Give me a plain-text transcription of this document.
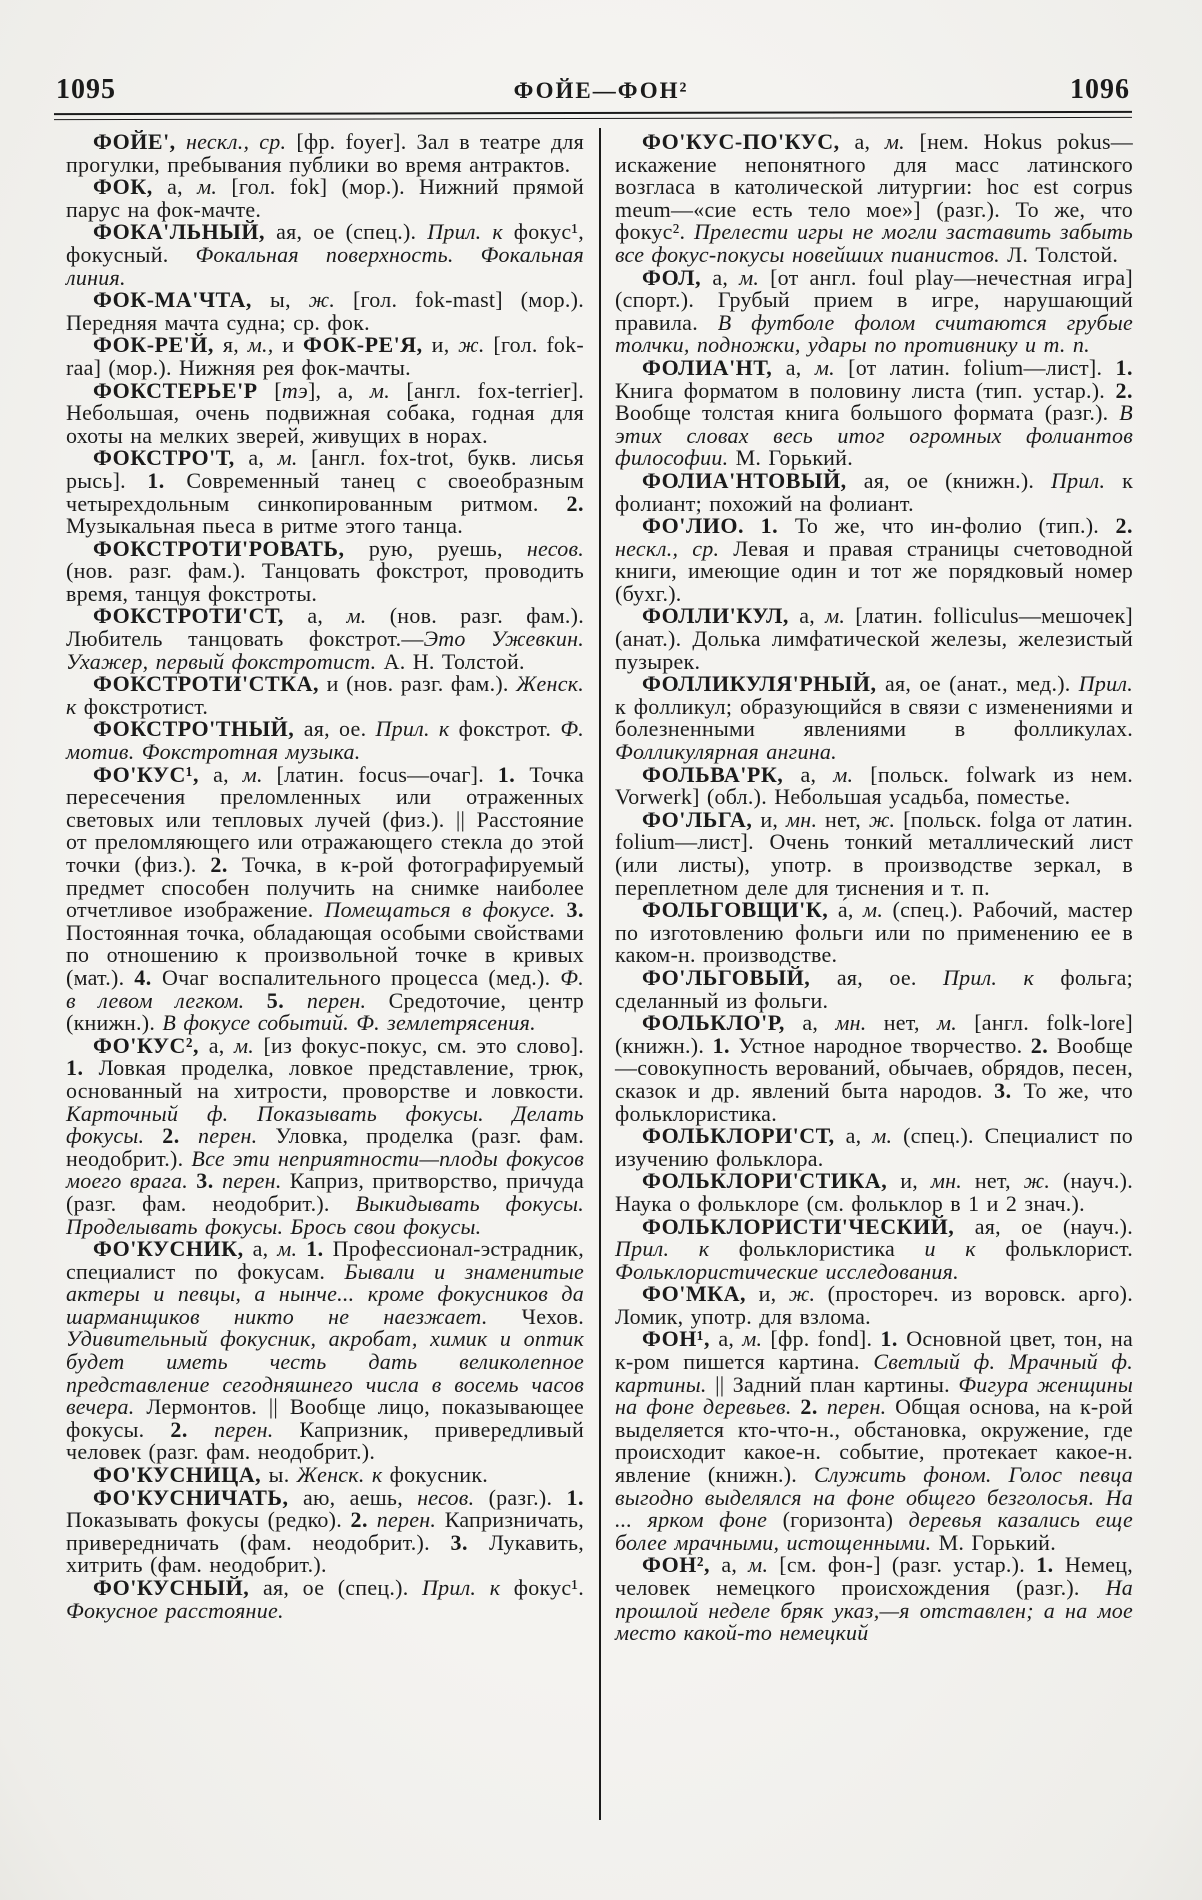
1095	ФОЙЕ—ФОН²	1096

ФОЙЕ', нескл., ср. [фр. foyer]. Зал в театре для прогулки, пребывания публики во время антрактов.

ФОК, а, м. [гол. fok] (мор.). Нижний прямой парус на фок-мачте.

ФОКА'ЛЬНЫЙ, ая, ое (спец.). Прил. к фокус¹, фокусный. Фокальная поверхность. Фокальная линия.

ФОК-МА'ЧТА, ы, ж. [гол. fok-mast] (мор.). Передняя мачта судна; ср. фок.

ФОК-РЕ'Й, я, м., и ФОК-РЕ'Я, и, ж. [гол. fok-raa] (мор.). Нижняя рея фок-мачты.

ФОКСТЕРЬЕ'Р [тэ], а, м. [англ. fox-terrier]. Небольшая, очень подвижная собака, годная для охоты на мелких зверей, живущих в норах.

ФОКСТРО'Т, а, м. [англ. fox-trot, букв. лисья рысь]. 1. Современный танец с своеобразным четырехдольным синкопированным ритмом. 2. Музыкальная пьеса в ритме этого танца.

ФОКСТРОТИ'РОВАТЬ, рую, руешь, несов. (нов. разг. фам.). Танцовать фокстрот, проводить время, танцуя фокстроты.

ФОКСТРОТИ'СТ, а, м. (нов. разг. фам.). Любитель танцовать фокстрот.—Это Ужевкин. Ухажер, первый фокстротист. А. Н. Толстой.

ФОКСТРОТИ'СТКА, и (нов. разг. фам.). Женск. к фокстротист.

ФОКСТРО'ТНЫЙ, ая, ое. Прил. к фокстрот. Ф. мотив. Фокстротная музыка.

ФО'КУС¹, а, м. [латин. focus—очаг]. 1. Точка пересечения преломленных или отраженных световых или тепловых лучей (физ.). || Расстояние от преломляющего или отражающего стекла до этой точки (физ.). 2. Точка, в к-рой фотографируемый предмет способен получить на снимке наиболее отчетливое изображение. Помещаться в фокусе. 3. Постоянная точка, обладающая особыми свойствами по отношению к произвольной точке в кривых (мат.). 4. Очаг воспалительного процесса (мед.). Ф. в левом легком. 5. перен. Средоточие, центр (книжн.). В фокусе событий. Ф. землетрясения.

ФО'КУС², а, м. [из фокус-покус, см. это слово]. 1. Ловкая проделка, ловкое представление, трюк, основанный на хитрости, проворстве и ловкости. Карточный ф. Показывать фокусы. Делать фокусы. 2. перен. Уловка, проделка (разг. фам. неодобрит.). Все эти неприятности—плоды фокусов моего врага. 3. перен. Каприз, притворство, причуда (разг. фам. неодобрит.). Выкидывать фокусы. Проделывать фокусы. Брось свои фокусы.

ФО'КУСНИК, а, м. 1. Профессионал-эстрадник, специалист по фокусам. Бывали и знаменитые актеры и певцы, а нынче... кроме фокусников да шарманщиков никто не наезжает. Чехов. Удивительный фокусник, акробат, химик и оптик будет иметь честь дать великолепное представление сегодняшнего числа в восемь часов вечера. Лермонтов. || Вообще лицо, показывающее фокусы. 2. перен. Капризник, привередливый человек (разг. фам. неодобрит.).

ФО'КУСНИЦА, ы. Женск. к фокусник.

ФО'КУСНИЧАТЬ, аю, аешь, несов. (разг.). 1. Показывать фокусы (редко). 2. перен. Капризничать, привередничать (фам. неодобрит.). 3. Лукавить, хитрить (фам. неодобрит.).

ФО'КУСНЫЙ, ая, ое (спец.). Прил. к фокус¹. Фокусное расстояние.

ФО'КУС-ПО'КУС, а, м. [нем. Hokus pokus—искажение непонятного для масс латинского возгласа в католической литургии: hoc est corpus meum—«сие есть тело мое»] (разг.). То же, что фокус². Прелести игры не могли заставить забыть все фокус-покусы новейших пианистов. Л. Толстой.

ФОЛ, а, м. [от англ. foul play—нечестная игра] (спорт.). Грубый прием в игре, нарушающий правила. В футболе фолом считаются грубые толчки, подножки, удары по противнику и т. п.

ФОЛИА'НТ, а, м. [от латин. folium—лист]. 1. Книга форматом в половину листа (тип. устар.). 2. Вообще толстая книга большого формата (разг.). В этих словах весь итог огромных фолиантов философии. М. Горький.

ФОЛИА'НТОВЫЙ, ая, ое (книжн.). Прил. к фолиант; похожий на фолиант.

ФО'ЛИО. 1. То же, что ин-фолио (тип.). 2. нескл., ср. Левая и правая страницы счетоводной книги, имеющие один и тот же порядковый номер (бухг.).

ФОЛЛИ'КУЛ, а, м. [латин. folliculus—мешочек] (анат.). Долька лимфатической железы, железистый пузырек.

ФОЛЛИКУЛЯ'РНЫЙ, ая, ое (анат., мед.). Прил. к фолликул; образующийся в связи с изменениями и болезненными явлениями в фолликулах. Фолликулярная ангина.

ФОЛЬВА'РК, а, м. [польск. folwark из нем. Vorwerk] (обл.). Небольшая усадьба, поместье.

ФО'ЛЬГА, и, мн. нет, ж. [польск. folga от латин. folium—лист]. Очень тонкий металлический лист (или листы), употр. в производстве зеркал, в переплетном деле для тиснения и т. п.

ФОЛЬГОВЩИ'К, а́, м. (спец.). Рабочий, мастер по изготовлению фольги или по применению ее в каком-н. производстве.

ФО'ЛЬГОВЫЙ, ая, ое. Прил. к фольга; сделанный из фольги.

ФОЛЬКЛО'Р, а, мн. нет, м. [англ. folk-lore] (книжн.). 1. Устное народное творчество. 2. Вообще—совокупность верований, обычаев, обрядов, песен, сказок и др. явлений быта народов. 3. То же, что фольклористика.

ФОЛЬКЛОРИ'СТ, а, м. (спец.). Специалист по изучению фольклора.

ФОЛЬКЛОРИ'СТИКА, и, мн. нет, ж. (науч.). Наука о фольклоре (см. фольклор в 1 и 2 знач.).

ФОЛЬКЛОРИСТИ'ЧЕСКИЙ, ая, ое (науч.). Прил. к фольклористика и к фольклорист. Фольклористические исследования.

ФО'МКА, и, ж. (простореч. из воровск. арго). Ломик, употр. для взлома.

ФОН¹, а, м. [фр. fond]. 1. Основной цвет, тон, на к-ром пишется картина. Светлый ф. Мрачный ф. картины. || Задний план картины. Фигура женщины на фоне деревьев. 2. перен. Общая основа, на к-рой выделяется кто-что-н., обстановка, окружение, где происходит какое-н. событие, протекает какое-н. явление (книжн.). Служить фоном. Голос певца выгодно выделялся на фоне общего безголосья. На ... ярком фоне (горизонта) деревья казались еще более мрачными, истощенными. М. Горький.

ФОН², а, м. [см. фон-] (разг. устар.). 1. Немец, человек немецкого происхождения (разг.). На прошлой неделе бряк указ,—я отставлен; а на мое место какой-то немецкий
